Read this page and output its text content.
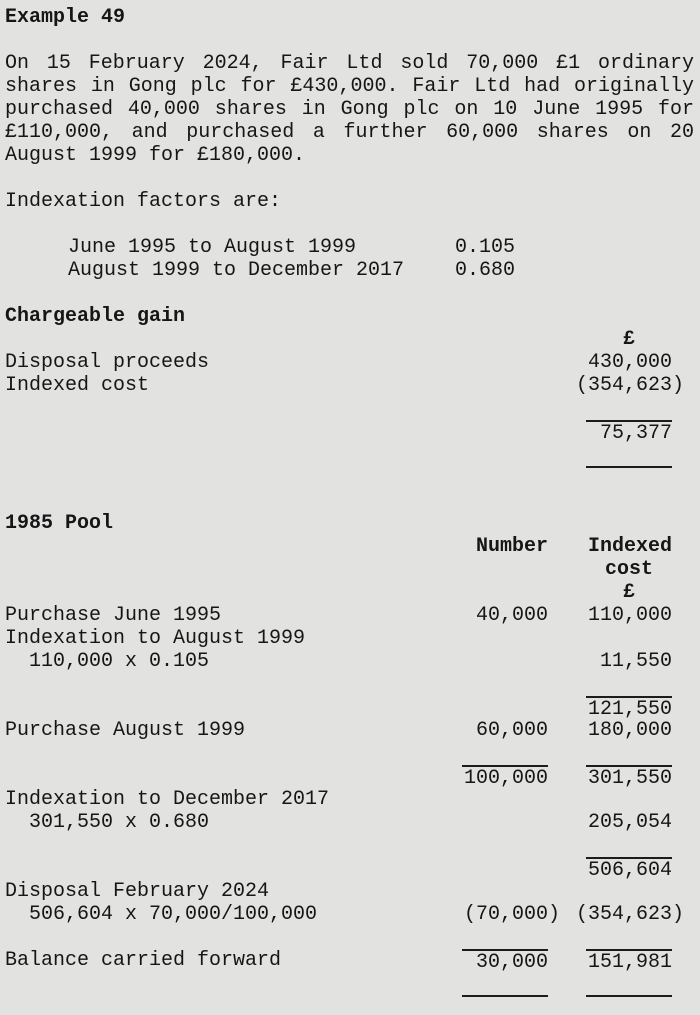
Example 49
On 15 February 2024, Fair Ltd sold 70,000 £1 ordinary
shares in Gong plc for £430,000. Fair Ltd had originally
purchased 40,000 shares in Gong plc on 10 June 1995 for
£110,000, and purchased a further 60,000 shares on 20
August 1999 for £180,000.
Indexation factors are:
June 1995 to August 1999	0.105
August 1999 to December 2017	0.680
Chargeable gain
£
Disposal proceeds	430,000
Indexed cost	(354,623)
75,377
1985 Pool
Number	Indexed
cost
£
Purchase June 1995	40,000	110,000
Indexation to August 1999
110,000 x 0.105	11,550
121,550
Purchase August 1999	60,000	180,000
100,000 301,550
Indexation to December 2017
301,550 x 0.680	205,054
506,604
Disposal February 2024
506,604 x 70,000/100,000	(70,000) (354,623)
Balance carried forward	30,000 151,981
